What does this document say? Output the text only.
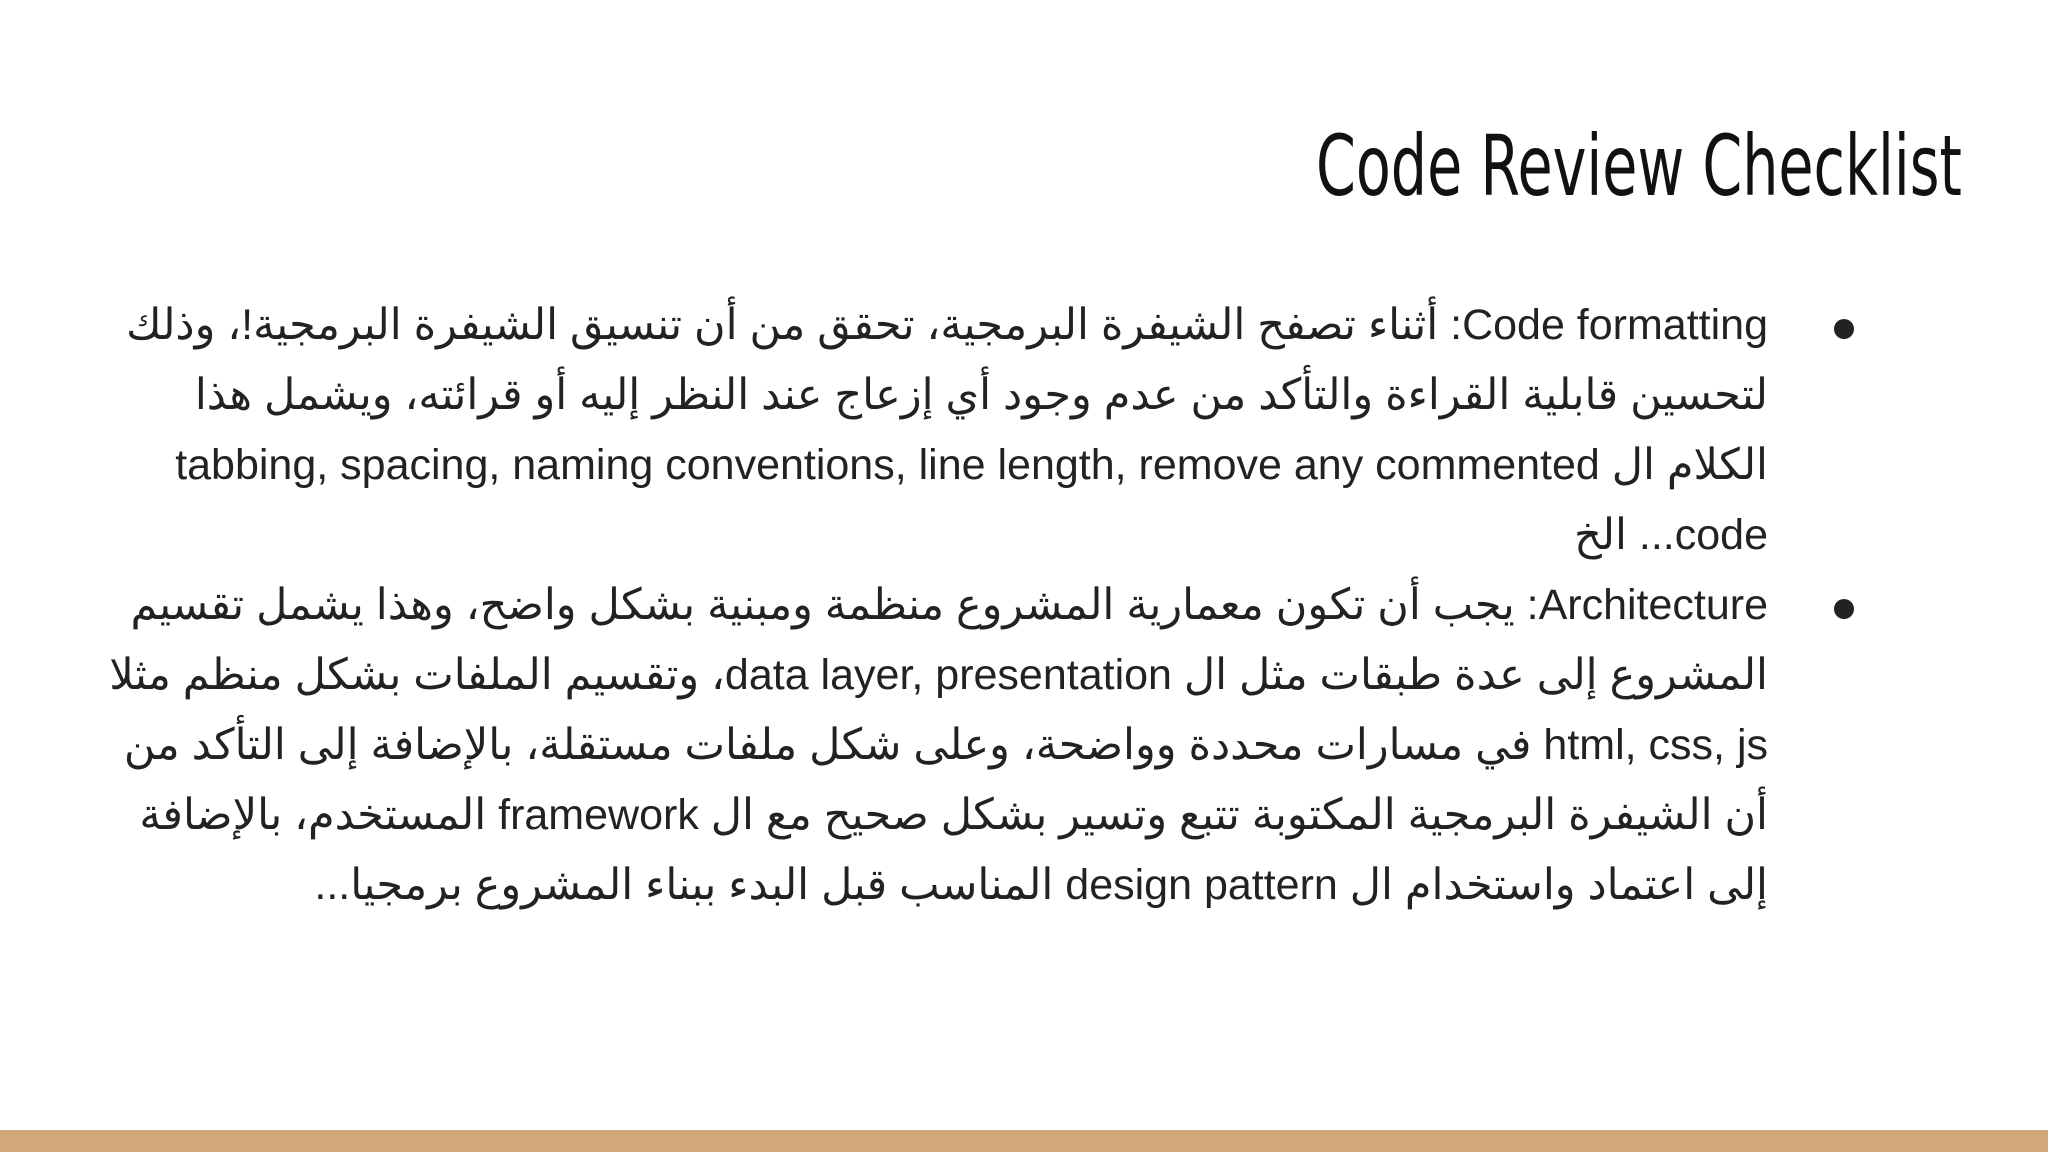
Code Review Checklist
Code formatting: أثناء تصفح الشيفرة البرمجية، تحقق من أن تنسيق الشيفرة البرمجية!، وذلك لتحسين قابلية القراءة والتأكد من عدم وجود أي إزعاج عند النظر إليه أو قرائته، ويشمل هذا الكلام ال tabbing, spacing, naming conventions, line length, remove any commented code... الخ
Architecture: يجب أن تكون معمارية المشروع منظمة ومبنية بشكل واضح، وهذا يشمل تقسيم المشروع إلى عدة طبقات مثل ال data layer, presentation، وتقسيم الملفات بشكل منظم مثلا html, css, js في مسارات محددة وواضحة، وعلى شكل ملفات مستقلة، بالإضافة إلى التأكد من أن الشيفرة البرمجية المكتوبة تتبع وتسير بشكل صحيح مع ال framework المستخدم، بالإضافة إلى اعتماد واستخدام ال design pattern المناسب قبل البدء ببناء المشروع برمجيا...
